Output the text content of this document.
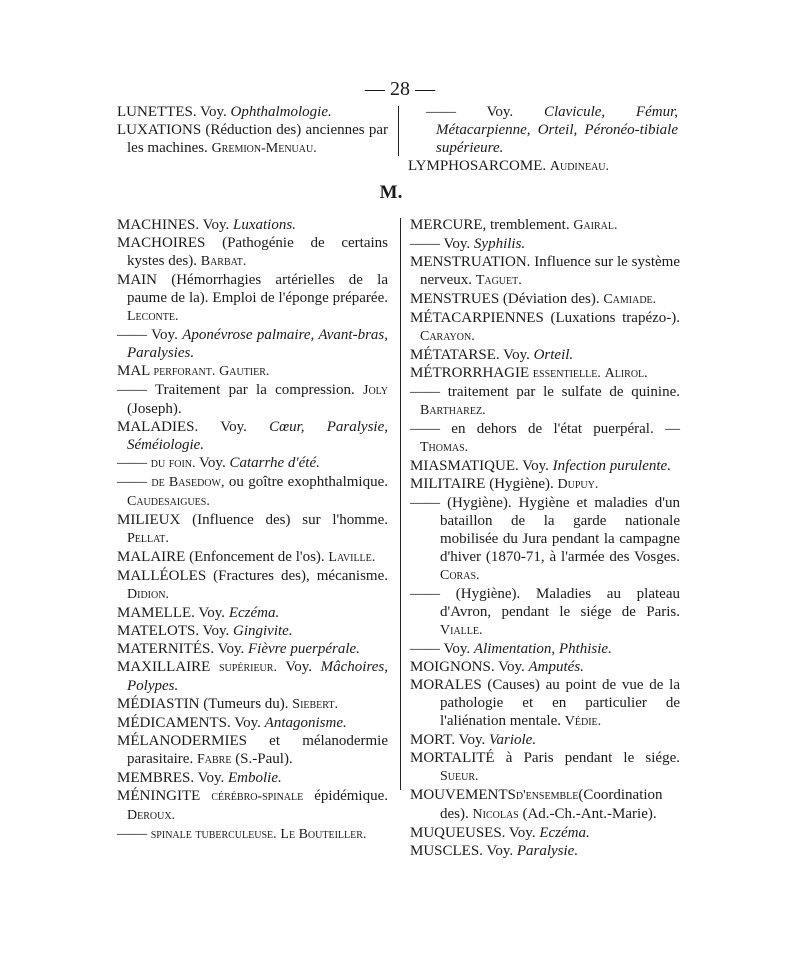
— 28 —

LUNETTES. Voy. Ophthalmologie.

LUXATIONS (Réduction des) anciennes par les machines. Gremion-Menuau.

—— Voy. Clavicule, Fémur, Métacarpienne, Orteil, Péronéo-tibiale supérieure.

LYMPHOSARCOME. Audineau.

M.

MACHINES. Voy. Luxations.

MACHOIRES (Pathogénie de certains kystes des). Barbat.

MAIN (Hémorrhagies artérielles de la paume de la). Emploi de l'éponge préparée. Leconte.

—— Voy. Aponévrose palmaire, Avant-bras, Paralysies.

MAL perforant. Gautier.

—— Traitement par la compression. Joly (Joseph).

MALADIES. Voy. Cœur, Paralysie, Séméiologie.

—— du foin. Voy. Catarrhe d'été.

—— de Basedow, ou goître exophthalmique. Caudesaigues.

MILIEUX (Influence des) sur l'homme. Pellat.

MALAIRE (Enfoncement de l'os). Laville.

MALLÉOLES (Fractures des), mécanisme. Didion.

MAMELLE. Voy. Eczéma.

MATELOTS. Voy. Gingivite.

MATERNITÉS. Voy. Fièvre puerpérale.

MAXILLAIRE supérieur. Voy. Mâchoires, Polypes.

MÉDIASTIN (Tumeurs du). Siebert.

MÉDICAMENTS. Voy. Antagonisme.

MÉLANODERMIES et mélanodermie parasitaire. Fabre (S.-Paul).

MEMBRES. Voy. Embolie.

MÉNINGITE cérébro-spinale épidémique. Deroux.

—— spinale tuberculeuse. Le Bouteiller.

MERCURE, tremblement. Gairal.

—— Voy. Syphilis.

MENSTRUATION. Influence sur le système nerveux. Taguet.

MENSTRUES (Déviation des). Camiade.

MÉTACARPIENNES (Luxations trapézo-). Carayon.

MÉTATARSE. Voy. Orteil.

MÉTRORRHAGIE essentielle. Alirol.

—— traitement par le sulfate de quinine. Bartharez.

—— en dehors de l'état puerpéral. — Thomas.

MIASMATIQUE. Voy. Infection purulente.

MILITAIRE (Hygiène). Dupuy.

—— (Hygiène). Hygiène et maladies d'un bataillon de la garde nationale mobilisée du Jura pendant la campagne d'hiver (1870-71, à l'armée des Vosges. Coras.

—— (Hygiène). Maladies au plateau d'Avron, pendant le siége de Paris. Vialle.

—— Voy. Alimentation, Phthisie.

MOIGNONS. Voy. Amputés.

MORALES (Causes) au point de vue de la pathologie et en particulier de l'aliénation mentale. Védie.

MORT. Voy. Variole.

MORTALITÉ à Paris pendant le siége. Sueur.

MOUVEMENTSd'ensemble(Coordination des). Nicolas (Ad.-Ch.-Ant.-Marie).

MUQUEUSES. Voy. Eczéma.

MUSCLES. Voy. Paralysie.
